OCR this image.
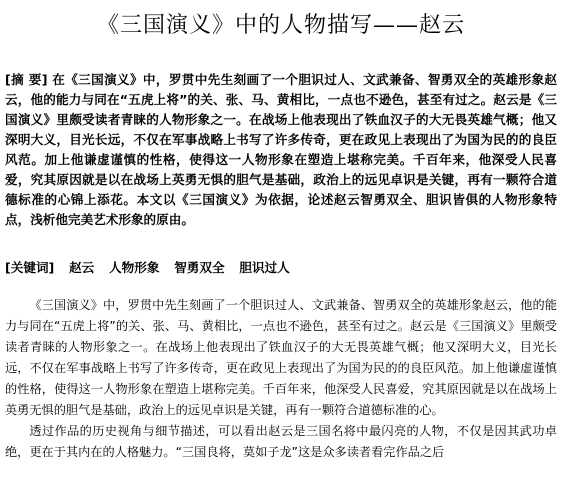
《三国演义》中的人物描写——赵云
[摘 要] 在《三国演义》中，罗贯中先生刻画了一个胆识过人、文武兼备、智勇双全的英雄形象赵云，他的能力与同在“五虎上将”的关、张、马、黄相比，一点也不逊色，甚至有过之。赵云是《三国演义》里颇受读者青睐的人物形象之一。在战场上他表现出了铁血汉子的大无畏英雄气概；他又深明大义，目光长远，不仅在军事战略上书写了许多传奇，更在政见上表现出了为国为民的的良臣风范。加上他谦虚谨慎的性格，使得这一人物形象在塑造上堪称完美。千百年来，他深受人民喜爱，究其原因就是以在战场上英勇无惧的胆气是基础，政治上的远见卓识是关键，再有一颗符合道德标准的心锦上添花。本文以《三国演义》为依据，论述赵云智勇双全、胆识皆俱的人物形象特点，浅析他完美艺术形象的原由。
[关键词] 赵云 人物形象 智勇双全 胆识过人

《三国演义》中，罗贯中先生刻画了一个胆识过人、文武兼备、智勇双全的英雄形象赵云，他的能力与同在“五虎上将”的关、张、马、黄相比，一点也不逊色，甚至有过之。赵云是《三国演义》里颇受读者青睐的人物形象之一。在战场上他表现出了铁血汉子的大无畏英雄气概；他又深明大义，目光长远，不仅在军事战略上书写了许多传奇，更在政见上表现出了为国为民的的良臣风范。加上他谦虚谨慎的性格，使得这一人物形象在塑造上堪称完美。千百年来，他深受人民喜爱，究其原因就是以在战场上英勇无惧的胆气是基础，政治上的远见卓识是关键，再有一颗符合道德标准的心。

透过作品的历史视角与细节描述，可以看出赵云是三国名将中最闪亮的人物，不仅是因其武功卓绝，更在于其内在的人格魅力。“三国良将，莫如子龙”这是众多读者看完作品之后
